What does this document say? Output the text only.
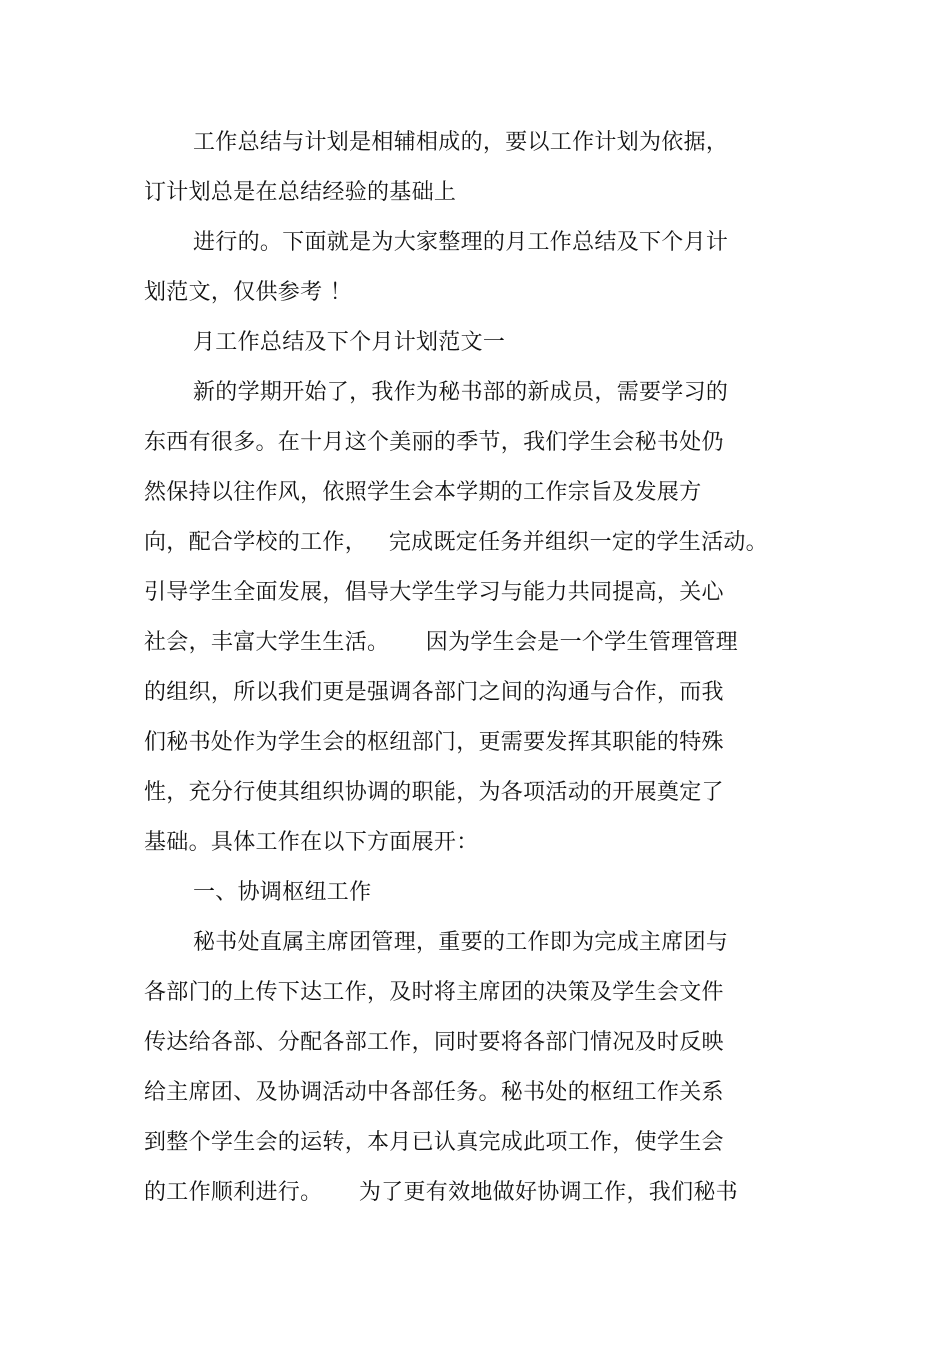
工作总结与计划是相辅相成的，要以工作计划为依据，
订计划总是在总结经验的基础上
进行的。下面就是为大家整理的月工作总结及下个月计
划范文，仅供参考 ！
月工作总结及下个月计划范文一
新的学期开始了，我作为秘书部的新成员，需要学习的
东西有很多。在十月这个美丽的季节，我们学生会秘书处仍
然保持以往作风，依照学生会本学期的工作宗旨及发展方
向，配合学校的工作，   完成既定任务并组织一定的学生活动。
引导学生全面发展，倡导大学生学习与能力共同提高，关心
社会，丰富大学生生活。     因为学生会是一个学生管理管理
的组织，所以我们更是强调各部门之间的沟通与合作，而我
们秘书处作为学生会的枢纽部门，更需要发挥其职能的特殊
性，充分行使其组织协调的职能，为各项活动的开展奠定了
基础。具体工作在以下方面展开：
一、协调枢纽工作
秘书处直属主席团管理，重要的工作即为完成主席团与
各部门的上传下达工作，及时将主席团的决策及学生会文件
传达给各部、分配各部工作，同时要将各部门情况及时反映
给主席团、及协调活动中各部任务。秘书处的枢纽工作关系
到整个学生会的运转，本月已认真完成此项工作，使学生会
的工作顺利进行。     为了更有效地做好协调工作，我们秘书
